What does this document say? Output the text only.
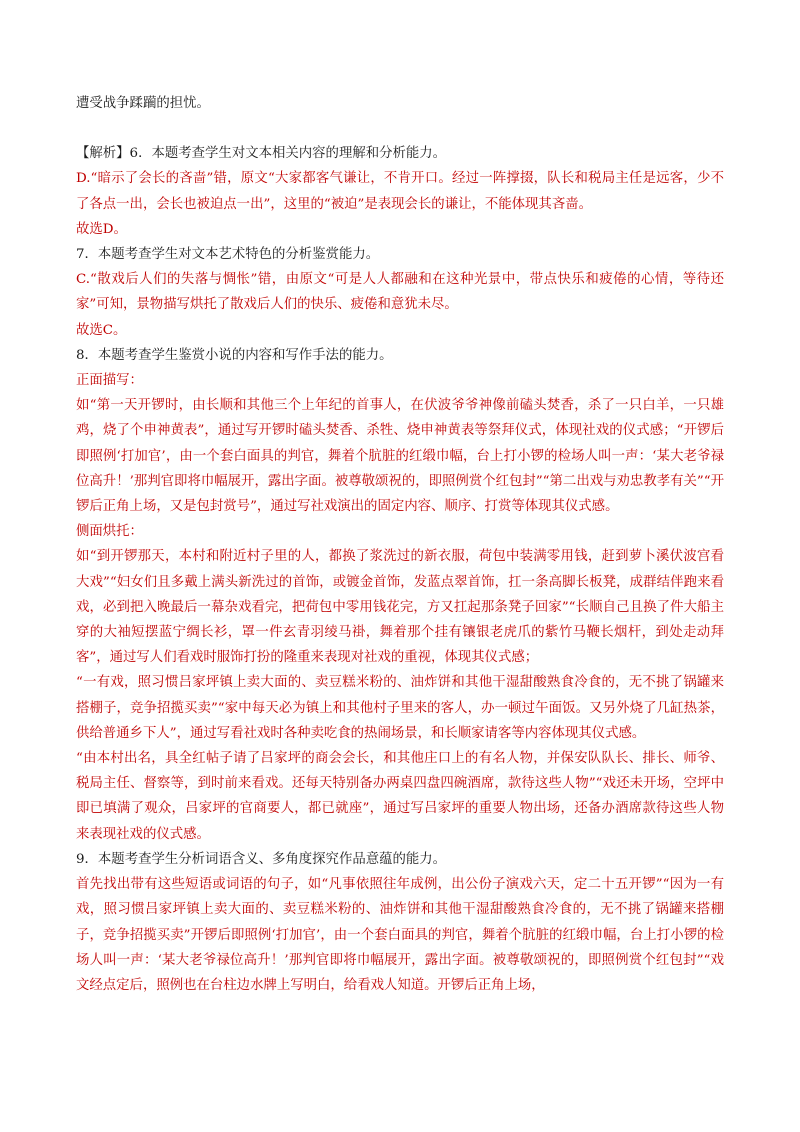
遭受战争蹂躏的担忧。

【解析】6．本题考查学生对文本相关内容的理解和分析能力。

D.“暗示了会长的吝啬”错，原文“大家都客气谦让，不肯开口。经过一阵撑掇，队长和税局主任是远客，少不了各点一出，会长也被迫点一出”，这里的“被迫”是表现会长的谦让，不能体现其吝啬。

故选D。

7．本题考查学生对文本艺术特色的分析鉴赏能力。

C.“散戏后人们的失落与惆怅”错，由原文“可是人人都融和在这种光景中，带点快乐和疲倦的心情，等待还家”可知，景物描写烘托了散戏后人们的快乐、疲倦和意犹未尽。

故选C。

8．本题考查学生鉴赏小说的内容和写作手法的能力。

正面描写：

如“第一天开锣时，由长顺和其他三个上年纪的首事人，在伏波爷爷神像前磕头焚香，杀了一只白羊，一只雄鸡，烧了个申神黄表”，通过写开锣时磕头焚香、杀牲、烧申神黄表等祭拜仪式，体现社戏的仪式感；“开锣后即照例‘打加官’，由一个套白面具的判官，舞着个肮脏的红缎巾幅，台上打小锣的检场人叫一声：‘某大老爷禄位高升！’那判官即将巾幅展开，露出字面。被尊敬颂祝的，即照例赏个红包封”“第二出戏与劝忠教孝有关”“开锣后正角上场，又是包封赏号”，通过写社戏演出的固定内容、顺序、打赏等体现其仪式感。

侧面烘托：

如“到开锣那天，本村和附近村子里的人，都换了浆洗过的新衣服，荷包中装满零用钱，赶到萝卜溪伏波宫看大戏”“妇女们且多戴上满头新洗过的首饰，或镀金首饰，发蓝点翠首饰，扛一条高脚长板凳，成群结伴跑来看戏，必到把入晚最后一幕杂戏看完，把荷包中零用钱花完，方又扛起那条凳子回家”“长顺自己且换了件大船主穿的大袖短摆蓝宁绸长衫，罩一件玄青羽绫马褂，舞着那个挂有镶银老虎爪的紫竹马鞭长烟杆，到处走动拜客”，通过写人们看戏时服饰打扮的隆重来表现对社戏的重视，体现其仪式感；

“一有戏，照习惯吕家坪镇上卖大面的、卖豆糕米粉的、油炸饼和其他干湿甜酸熟食冷食的，无不挑了锅罐来搭棚子，竞争招揽买卖”“家中每天必为镇上和其他村子里来的客人，办一顿过午面饭。又另外烧了几缸热茶，供给普通乡下人”，通过写看社戏时各种卖吃食的热闹场景，和长顺家请客等内容体现其仪式感。

“由本村出名，具全红帖子请了吕家坪的商会会长，和其他庄口上的有名人物，并保安队队长、排长、师爷、税局主任、督察等，到时前来看戏。还每天特别备办两桌四盘四碗酒席，款待这些人物”“戏还未开场，空坪中即已填满了观众，吕家坪的官商要人，都已就座”，通过写吕家坪的重要人物出场，还备办酒席款待这些人物来表现社戏的仪式感。

9．本题考查学生分析词语含义、多角度探究作品意蕴的能力。

首先找出带有这些短语或词语的句子，如“凡事依照往年成例，出公份子演戏六天，定二十五开锣”“因为一有戏，照习惯吕家坪镇上卖大面的、卖豆糕米粉的、油炸饼和其他干湿甜酸熟食冷食的，无不挑了锅罐来搭棚子，竞争招揽买卖”开锣后即照例‘打加官’，由一个套白面具的判官，舞着个肮脏的红缎巾幅，台上打小锣的检场人叫一声：‘某大老爷禄位高升！’那判官即将巾幅展开，露出字面。被尊敬颂祝的，即照例赏个红包封”“戏文经点定后，照例也在台柱边水牌上写明白，给看戏人知道。开锣后正角上场，
